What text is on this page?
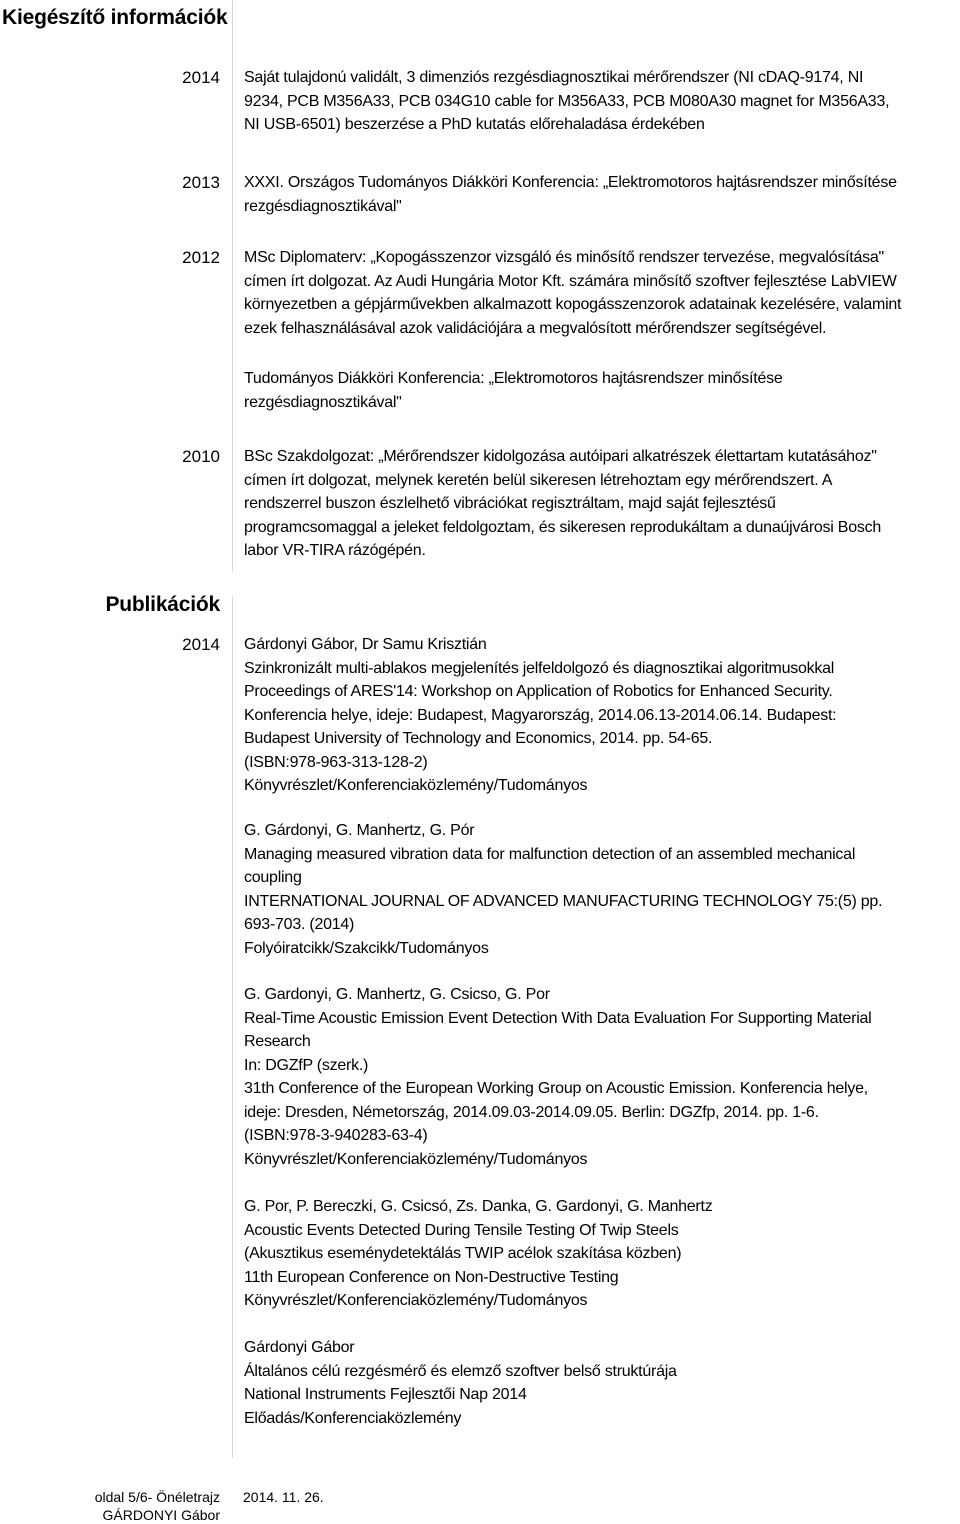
Kiegészítő információk
2014 Saját tulajdonú validált, 3 dimenziós rezgésdiagnosztikai mérőrendszer (NI cDAQ-9174, NI
9234, PCB M356A33, PCB 034G10 cable for M356A33, PCB M080A30 magnet for M356A33,
NI USB-6501) beszerzése a PhD kutatás előrehaladása érdekében
2013 XXXI. Országos Tudományos Diákköri Konferencia: „Elektromotoros hajtásrendszer minősítése
rezgésdiagnosztikával"
2012 MSc Diplomaterv: „Kopogásszenzor vizsgáló és minősítő rendszer tervezése, megvalósítása"
címen írt dolgozat. Az Audi Hungária Motor Kft. számára minősítő szoftver fejlesztése LabVIEW
környezetben a gépjárművekben alkalmazott kopogásszenzorok adatainak kezelésére, valamint
ezek felhasználásával azok validációjára a megvalósított mérőrendszer segítségével.
Tudományos Diákköri Konferencia: „Elektromotoros hajtásrendszer minősítése
rezgésdiagnosztikával"
2010 BSc Szakdolgozat: „Mérőrendszer kidolgozása autóipari alkatrészek élettartam kutatásához"
címen írt dolgozat, melynek keretén belül sikeresen létrehoztam egy mérőrendszert. A
rendszerrel buszon észlelhető vibrációkat regisztráltam, majd saját fejlesztésű
programcsomaggal a jeleket feldolgoztam, és sikeresen reprodukáltam a dunaújvárosi Bosch
labor VR-TIRA rázógépén.
Publikációk
2014 Gárdonyi Gábor, Dr Samu Krisztián
Szinkronizált multi-ablakos megjelenítés jelfeldolgozó és diagnosztikai algoritmusokkal
Proceedings of ARES'14: Workshop on Application of Robotics for Enhanced Security.
Konferencia helye, ideje: Budapest, Magyarország, 2014.06.13-2014.06.14. Budapest:
Budapest University of Technology and Economics, 2014. pp. 54-65.
(ISBN:978-963-313-128-2)
Könyvrészlet/Konferenciaközlemény/Tudományos
G. Gárdonyi, G. Manhertz, G. Pór
Managing measured vibration data for malfunction detection of an assembled mechanical
coupling
INTERNATIONAL JOURNAL OF ADVANCED MANUFACTURING TECHNOLOGY 75:(5) pp.
693-703. (2014)
Folyóiratcikk/Szakcikk/Tudományos
G. Gardonyi, G. Manhertz, G. Csicso, G. Por
Real-Time Acoustic Emission Event Detection With Data Evaluation For Supporting Material
Research
In: DGZfP (szerk.)
31th Conference of the European Working Group on Acoustic Emission. Konferencia helye,
ideje: Dresden, Németország, 2014.09.03-2014.09.05. Berlin: DGZfp, 2014. pp. 1-6.
(ISBN:978-3-940283-63-4)
Könyvrészlet/Konferenciaközlemény/Tudományos
G. Por, P. Bereczki, G. Csicsó, Zs. Danka, G. Gardonyi, G. Manhertz
Acoustic Events Detected During Tensile Testing Of Twip Steels
(Akusztikus eseménydetektálás TWIP acélok szakítása közben)
11th European Conference on Non-Destructive Testing
Könyvrészlet/Konferenciaközlemény/Tudományos
Gárdonyi Gábor
Általános célú rezgésmérő és elemző szoftver belső struktúrája
National Instruments Fejlesztői Nap 2014
Előadás/Konferenciaközlemény
oldal 5/6- Önéletrajz
GÁRDONYI Gábor
2014. 11. 26.
